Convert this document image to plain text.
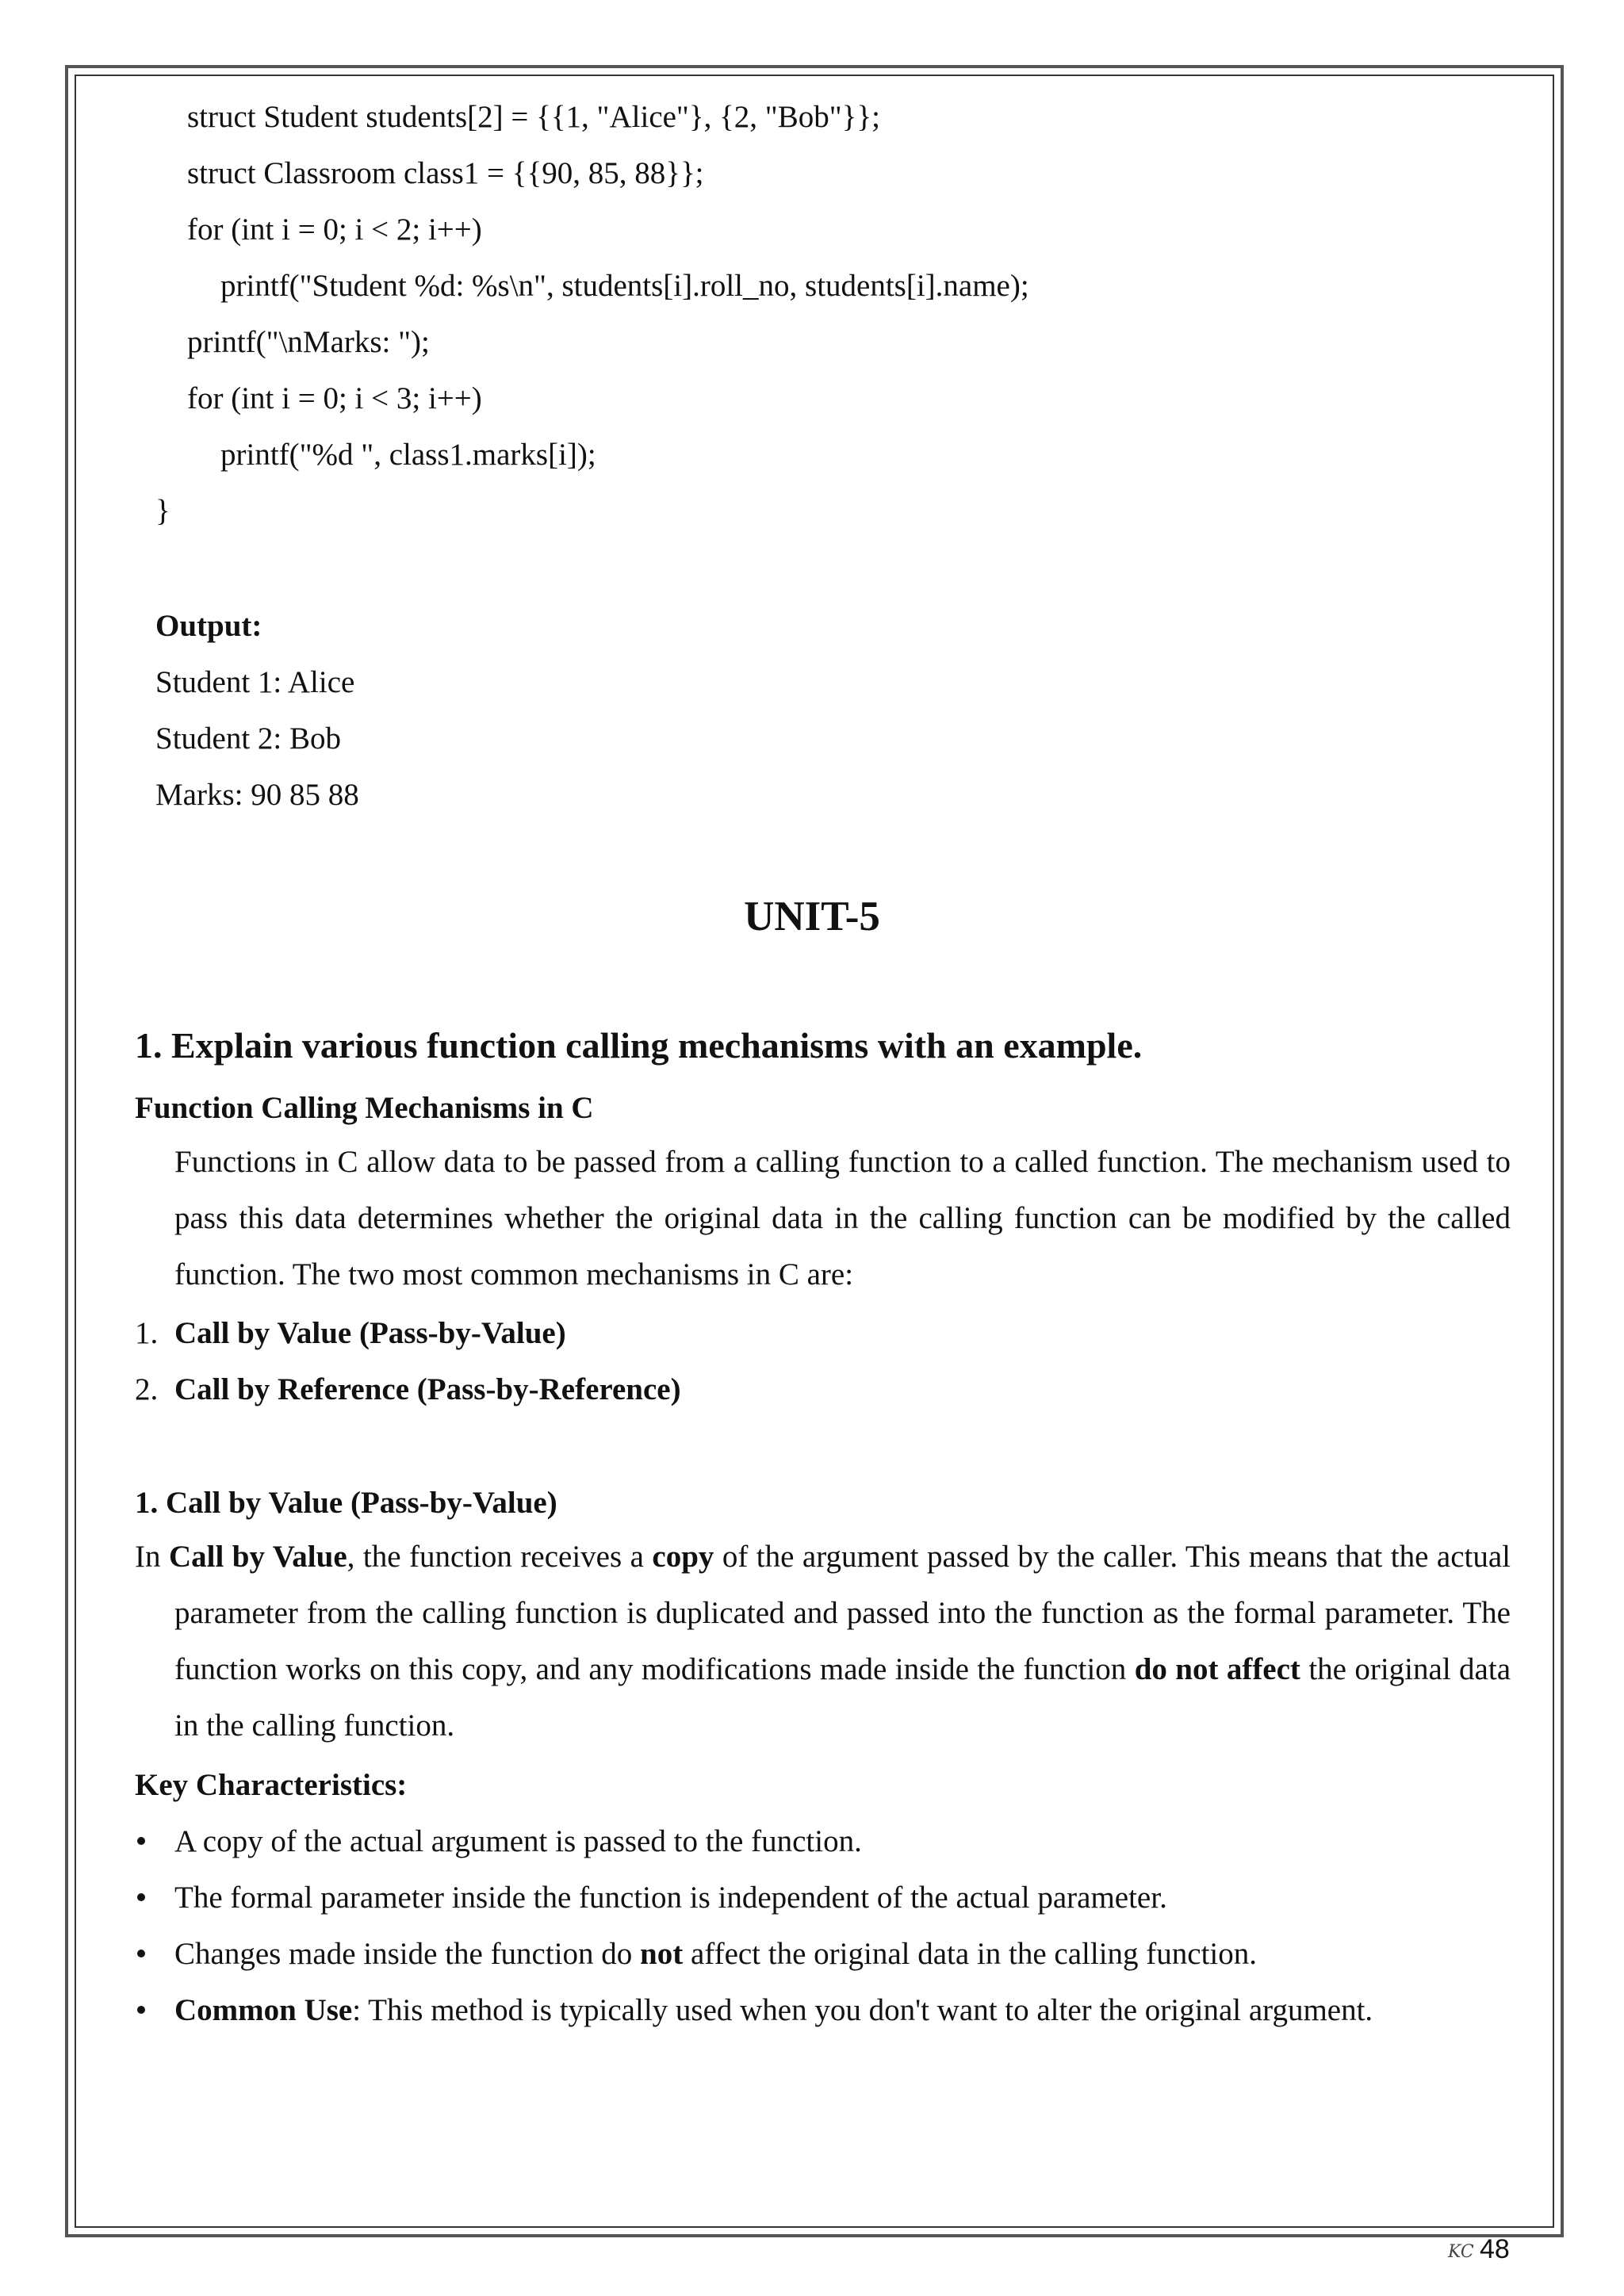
struct Student students[2] = {{1, "Alice"}, {2, "Bob"}};
struct Classroom class1 = {{90, 85, 88}};
for (int i = 0; i < 2; i++)
printf("Student %d: %s\n", students[i].roll_no, students[i].name);
printf("\nMarks: ");
for (int i = 0; i < 3; i++)
printf("%d ", class1.marks[i]);
}
Output:
Student 1: Alice
Student 2: Bob
Marks: 90 85 88
UNIT-5
1. Explain various function calling mechanisms with an example.
Function Calling Mechanisms in C
Functions in C allow data to be passed from a calling function to a called function. The mechanism used to pass this data determines whether the original data in the calling function can be modified by the called function. The two most common mechanisms in C are:
1. Call by Value (Pass-by-Value)
2. Call by Reference (Pass-by-Reference)
1. Call by Value (Pass-by-Value)
In Call by Value, the function receives a copy of the argument passed by the caller. This means that the actual parameter from the calling function is duplicated and passed into the function as the formal parameter. The function works on this copy, and any modifications made inside the function do not affect the original data in the calling function.
Key Characteristics:
A copy of the actual argument is passed to the function.
The formal parameter inside the function is independent of the actual parameter.
Changes made inside the function do not affect the original data in the calling function.
Common Use: This method is typically used when you don't want to alter the original argument.
KC 48
